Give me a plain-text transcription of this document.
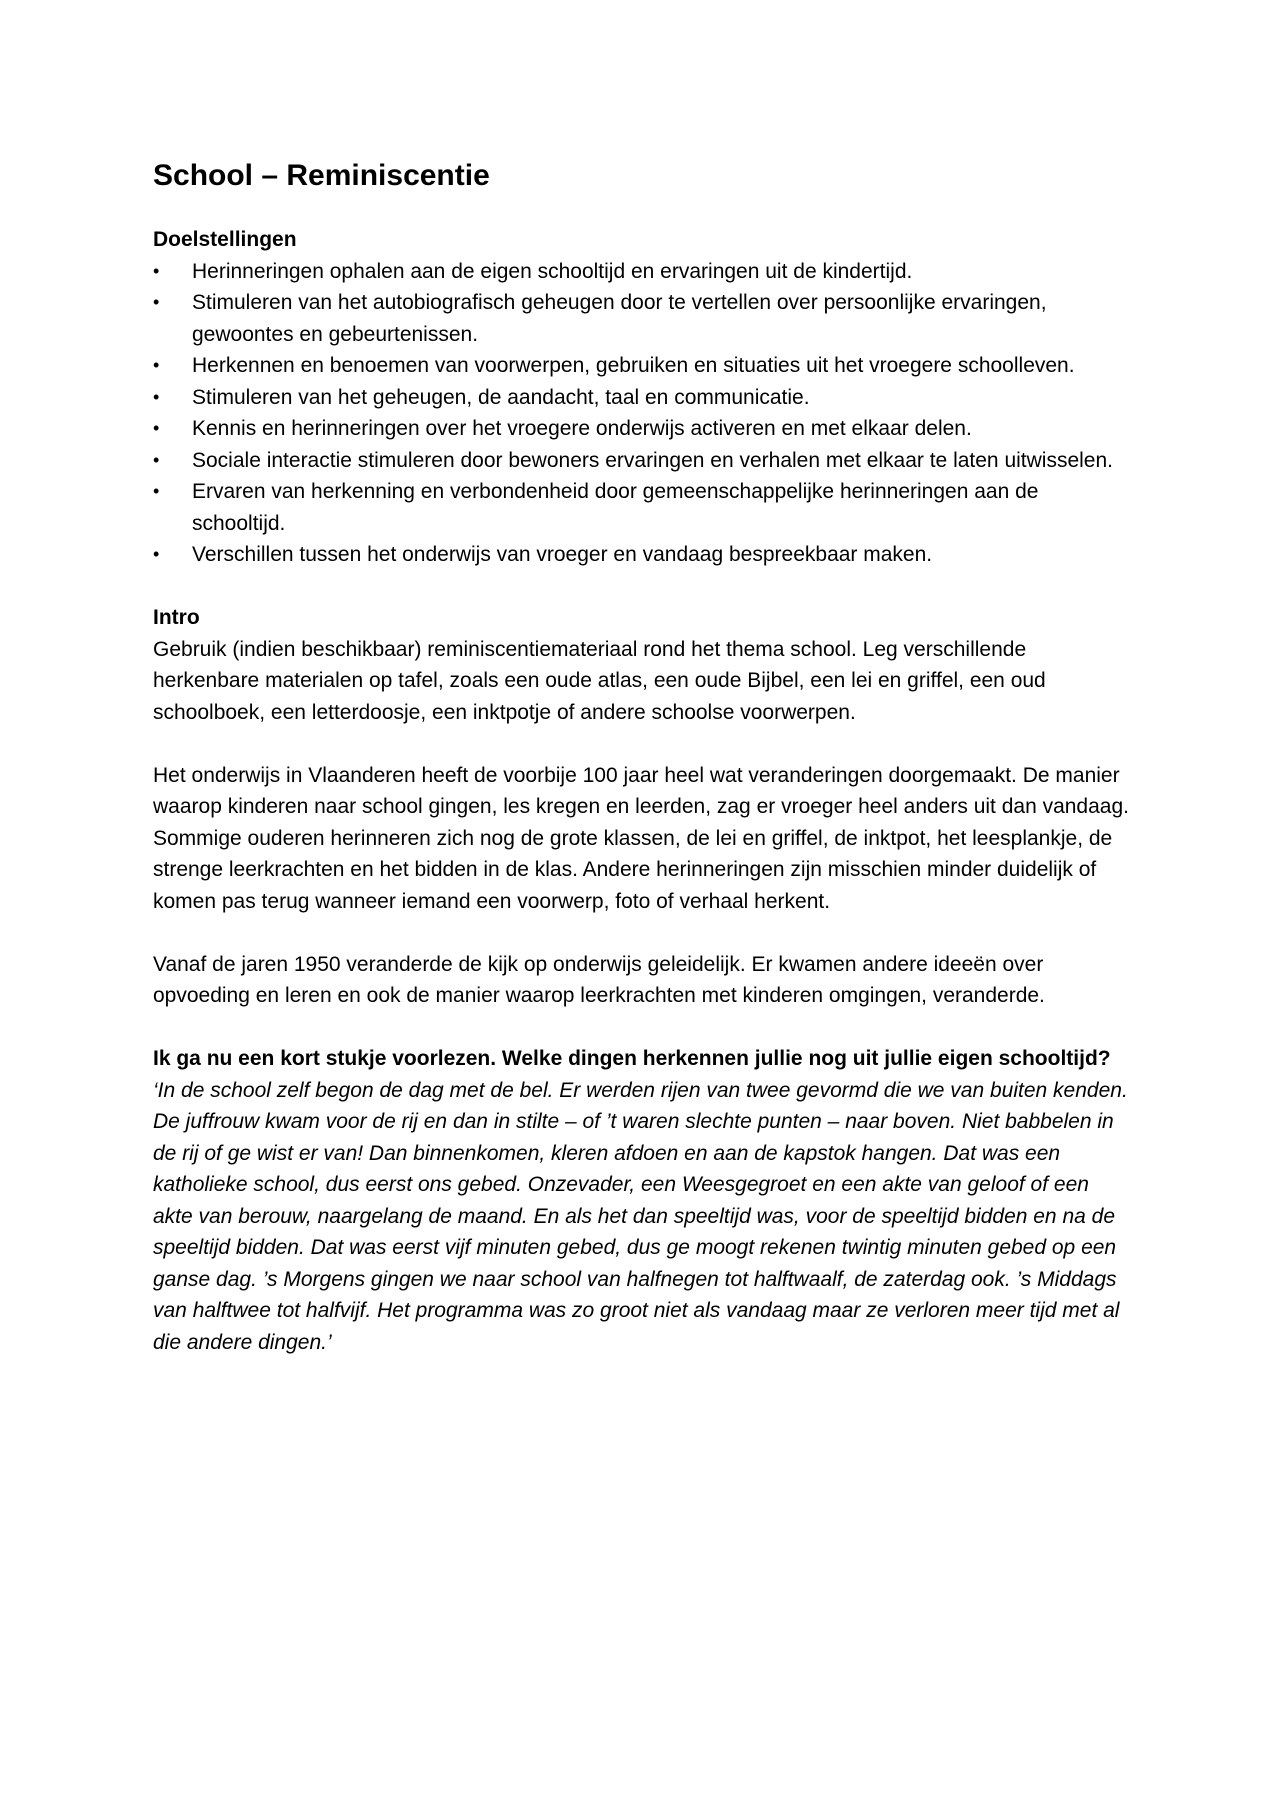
School – Reminiscentie
Doelstellingen
•	Herinneringen ophalen aan de eigen schooltijd en ervaringen uit de kindertijd.
•	Stimuleren van het autobiografisch geheugen door te vertellen over persoonlijke ervaringen, gewoontes en gebeurtenissen.
•	Herkennen en benoemen van voorwerpen, gebruiken en situaties uit het vroegere schoolleven.
•	Stimuleren van het geheugen, de aandacht, taal en communicatie.
•	Kennis en herinneringen over het vroegere onderwijs activeren en met elkaar delen.
•	Sociale interactie stimuleren door bewoners ervaringen en verhalen met elkaar te laten uitwisselen.
•	Ervaren van herkenning en verbondenheid door gemeenschappelijke herinneringen aan de schooltijd.
•	Verschillen tussen het onderwijs van vroeger en vandaag bespreekbaar maken.
Intro

Gebruik (indien beschikbaar) reminiscentiemateriaal rond het thema school. Leg verschillende herkenbare materialen op tafel, zoals een oude atlas, een oude Bijbel, een lei en griffel, een oud schoolboek, een letterdoosje, een inktpotje of andere schoolse voorwerpen.

Het onderwijs in Vlaanderen heeft de voorbije 100 jaar heel wat veranderingen doorgemaakt. De manier waarop kinderen naar school gingen, les kregen en leerden, zag er vroeger heel anders uit dan vandaag.

Sommige ouderen herinneren zich nog de grote klassen, de lei en griffel, de inktpot, het leesplankje, de strenge leerkrachten en het bidden in de klas. Andere herinneringen zijn misschien minder duidelijk of komen pas terug wanneer iemand een voorwerp, foto of verhaal herkent.

Vanaf de jaren 1950 veranderde de kijk op onderwijs geleidelijk. Er kwamen andere ideeën over opvoeding en leren en ook de manier waarop leerkrachten met kinderen omgingen, veranderde.

Ik ga nu een kort stukje voorlezen. Welke dingen herkennen jullie nog uit jullie eigen schooltijd?

‘In de school zelf begon de dag met de bel. Er werden rijen van twee gevormd die we van buiten kenden. De juffrouw kwam voor de rij en dan in stilte – of ’t waren slechte punten – naar boven. Niet babbelen in de rij of ge wist er van! Dan binnenkomen, kleren afdoen en aan de kapstok hangen. Dat was een katholieke school, dus eerst ons gebed. Onzevader, een Weesgegroet en een akte van geloof of een akte van berouw, naargelang de maand. En als het dan speeltijd was, voor de speeltijd bidden en na de speeltijd bidden. Dat was eerst vijf minuten gebed, dus ge moogt rekenen twintig minuten gebed op een ganse dag. ’s Morgens gingen we naar school van halfnegen tot halftwaalf, de zaterdag ook. ’s Middags van halftwee tot halfvijf. Het programma was zo groot niet als vandaag maar ze verloren meer tijd met al die andere dingen.’
